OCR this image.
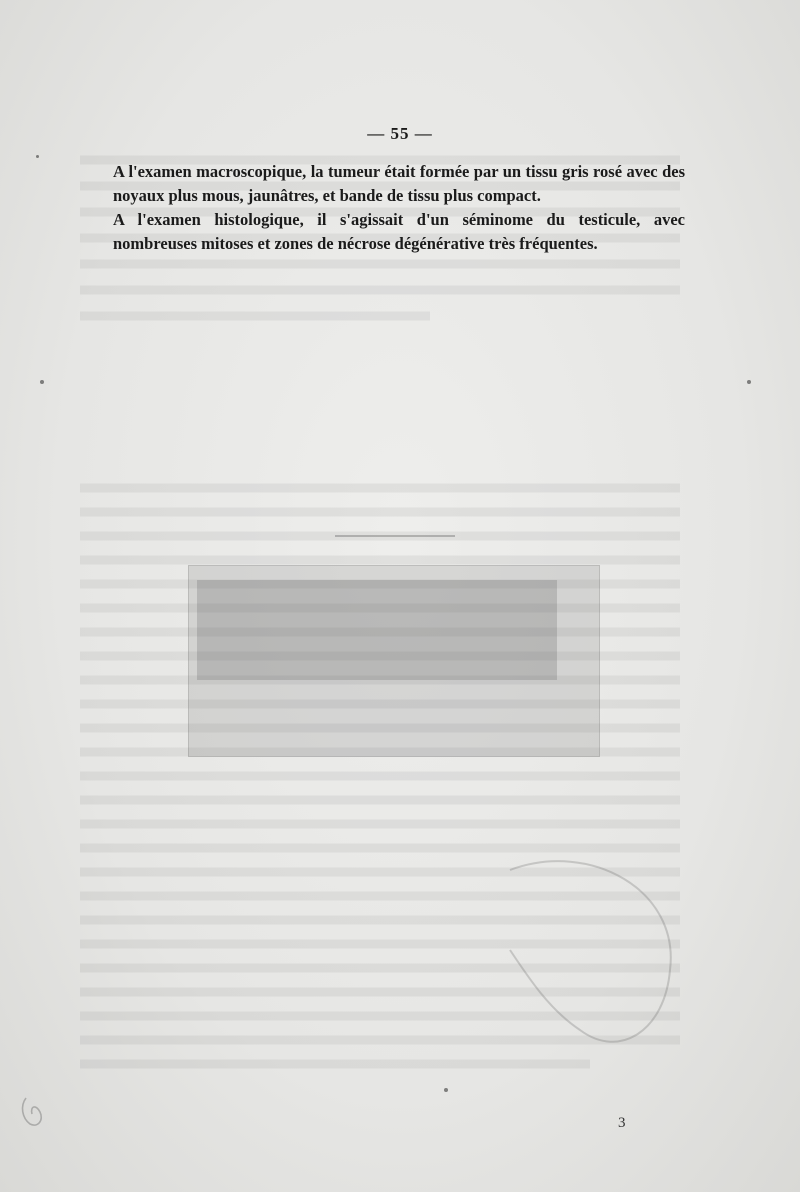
— 55 —

A l'examen macroscopique, la tumeur était formée par un tissu gris rosé avec des noyaux plus mous, jaunâtres, et bande de tissu plus compact.

A l'examen histologique, il s'agissait d'un séminome du testicule, avec nombreuses mitoses et zones de nécrose dégénérative très fréquentes.

3
